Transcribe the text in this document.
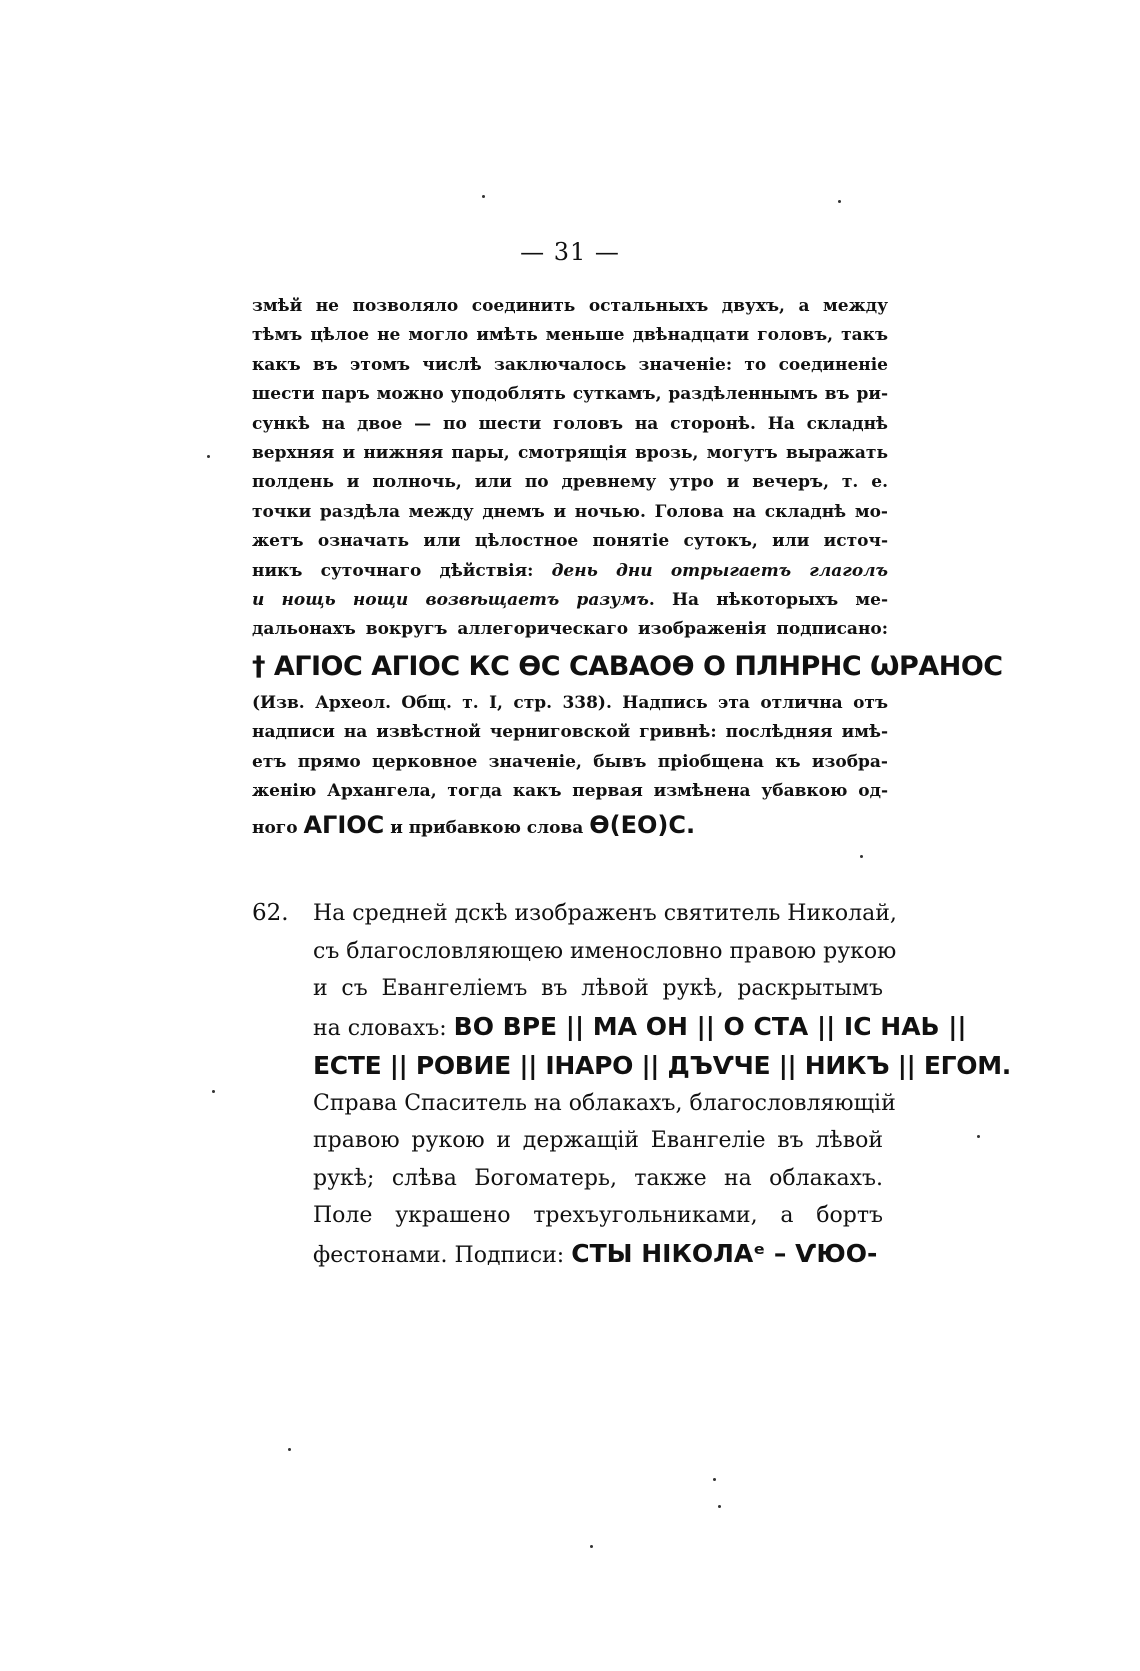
— 31 —
змѣй не позволяло соединить остальныхъ двухъ, а между
тѣмъ цѣлое не могло имѣть меньше двѣнадцати головъ, такъ
какъ въ этомъ числѣ заключалось значеніе: то соединеніе
шести паръ можно уподоблять суткамъ, раздѣленнымъ въ ри-
сункѣ на двое — по шести головъ на сторонѣ. На складнѣ
верхняя и нижняя пары, смотрящія врозь, могутъ выражать
полдень и полночь, или по древнему утро и вечеръ, т. е.
точки раздѣла между днемъ и ночью. Голова на складнѣ мо-
жетъ означать или цѣлостное понятіе сутокъ, или источ-
никъ суточнаго дѣйствія: день дни отрыгаетъ глаголъ
и нощь нощи возвѣщаетъ разумъ. На нѣкоторыхъ ме-
дальонахъ вокругъ аллегорическаго изображенія подписано:
† АГІОС АГІОС КС ӨС САВАОӨ О ПЛНРНС ѠРАНОС
(Изв. Археол. Общ. т. I, стр. 338). Надпись эта отлична отъ
надписи на извѣстной черниговской гривнѣ: послѣдняя имѣ-
етъ прямо церковное значеніе, бывъ пріобщена къ изобра-
женію Архангела, тогда какъ первая измѣнена убавкою од-
ного АГІОС и прибавкою слова Ө(ЕО)С.
62. На средней дскѣ изображенъ святитель Николай,
съ благословляющею именословно правою рукою
и съ Евангеліемъ въ лѣвой рукѣ, раскрытымъ
на словахъ: ВО ВРЕ || МА ОН || О СТА || ІС НАЬ ||
ЕСТЕ || РОВИЕ || ІНАРО || ДЪѴЧЕ || НИКЪ || ЕГОМ.
Справа Спаситель на облакахъ, благословляющій
правою рукою и держащій Евангеліе въ лѣвой
рукѣ; слѣва Богоматерь, также на облакахъ.
Поле украшено трехъугольниками, а бортъ
фестонами. Подписи: СТЫ НІКОЛАᵉ – ѴЮО-
